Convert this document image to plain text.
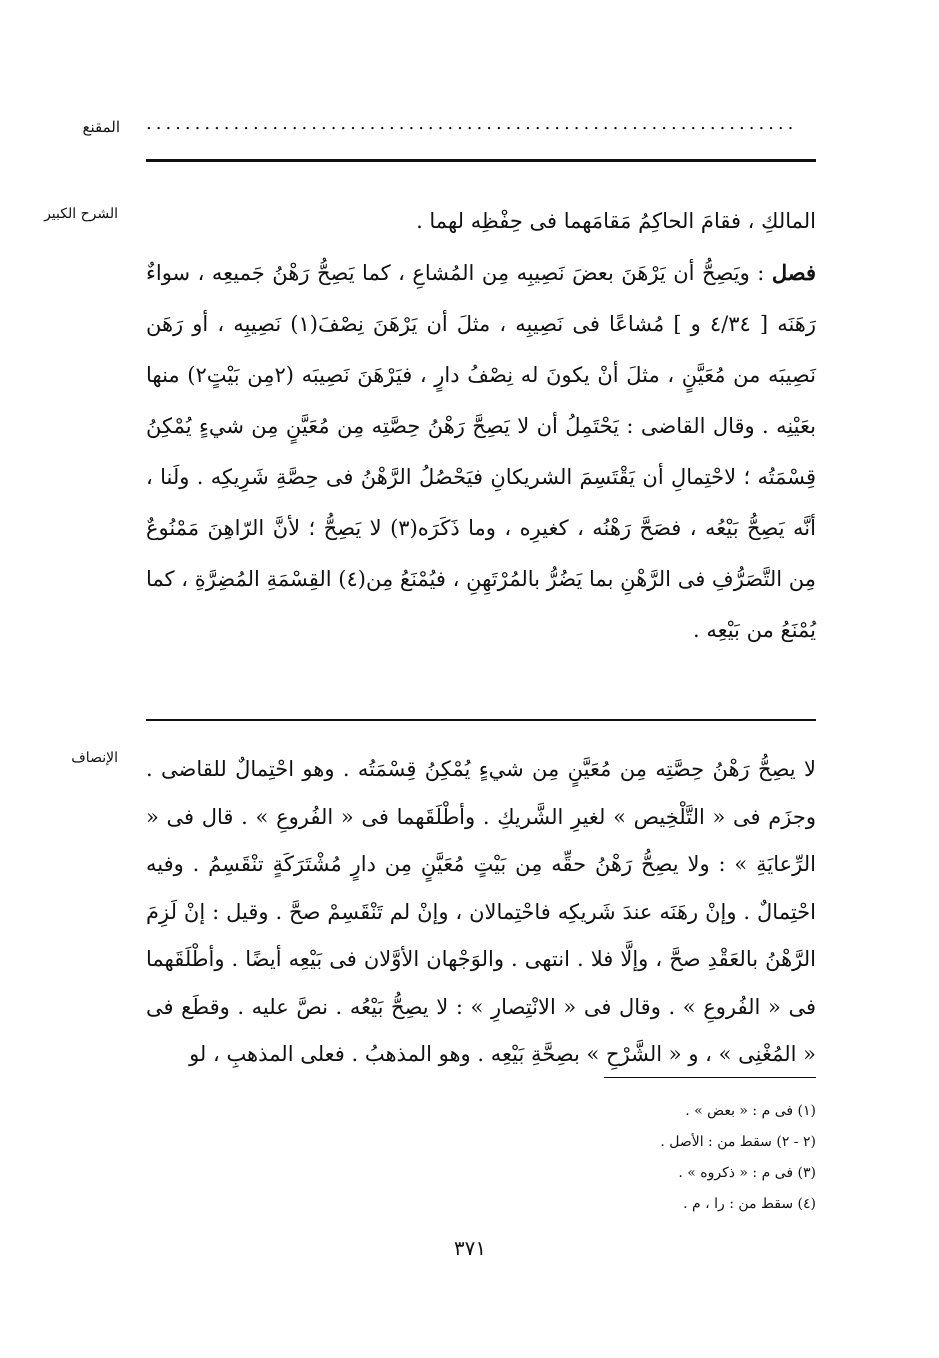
المقنع ...................................................................
الشرح الكبير	المالكِ ، فقامَ الحاكِمُ مَقامَهما فى حِفْظِه لهما .

فصل : ويَصِحُّ أن يَرْهَنَ بعضَ نَصِيبِه مِن المُشاعِ ، كما يَصِحُّ رَهْنُ جَميعِه ، سواءٌ رَهَنَه [ ٤/٣٤ و ] مُشاعًا فى نَصِيبِه ، مثلَ أن يَرْهَنَ نِصْفَ(١) نَصِيبِه ، أو رَهَن نَصِيبَه من مُعَيَّنٍ ، مثلَ أنْ يكونَ له نِصْفُ دارٍ ، فيَرْهَنَ نَصِيبَه (٢مِن بَيْتٍ٢) منها بعَيْنِه . وقال القاضى : يَحْتَمِلُ أن لا يَصِحَّ رَهْنُ حِصَّتِه مِن مُعَيَّنٍ مِن شيءٍ يُمْكِنُ قِسْمَتُه ؛ لاحْتِمالِ أن يَقْتَسِمَ الشريكانِ فيَحْصُلُ الرَّهْنُ فى حِصَّةِ شَرِيكِه . ولَنا ، أنَّه يَصِحُّ بَيْعُه ، فصَحَّ رَهْنُه ، كغيرِه ، وما ذَكَرَه(٣) لا يَصِحُّ ؛ لأنَّ الرّاهِنَ مَمْنُوعٌ مِن التَّصَرُّفِ فى الرَّهْنِ بما يَضُرُّ بالمُرْتَهِنِ ، فيُمْنَعُ مِن(٤) القِسْمَةِ المُضِرَّةِ ، كما يُمْنَعُ من بَيْعِه .

الإنصاف لا يصِحُّ رَهْنُ حِصَّتِه مِن مُعَيَّنٍ مِن شيءٍ يُمْكِنُ قِسْمَتُه . وهو احْتِمالٌ للقاضى . وجزَم فى « التَّلْخِيص » لغيرِ الشَّريكِ . وأطْلَقَهما فى « الفُروعِ » . قال فى « الرِّعايَةِ » : ولا يصِحُّ رَهْنُ حقِّه مِن بَيْتٍ مُعَيَّنٍ مِن دارٍ مُشْتَرَكَةٍ تنْقَسِمُ . وفيه احْتِمالٌ . وإنْ رهَنَه عندَ شَريكِه فاحْتِمالان ، وإنْ لم تَنْقَسِمْ صحَّ . وقيل : إنْ لَزِمَ الرَّهْنُ بالعَقْدِ صحَّ ، وإلَّا فلا . انتهى . والوَجْهان الأوَّلان فى بَيْعِه أيضًا . وأطْلَقَهما فى « الفُروعِ » . وقال فى « الانْتِصارِ » : لا يصِحُّ بَيْعُه . نصَّ عليه . وقطَع فى « المُغْنِى » ، و « الشَّرْحِ » بصِحَّةِ بَيْعِه . وهو المذهبُ . فعلى المذهبِ ، لو

(١) فى م : « بعض » .
(٢ - ٢) سقط من : الأصل .
(٣) فى م : « ذكروه » .
(٤) سقط من : را ، م .
٣٧١
